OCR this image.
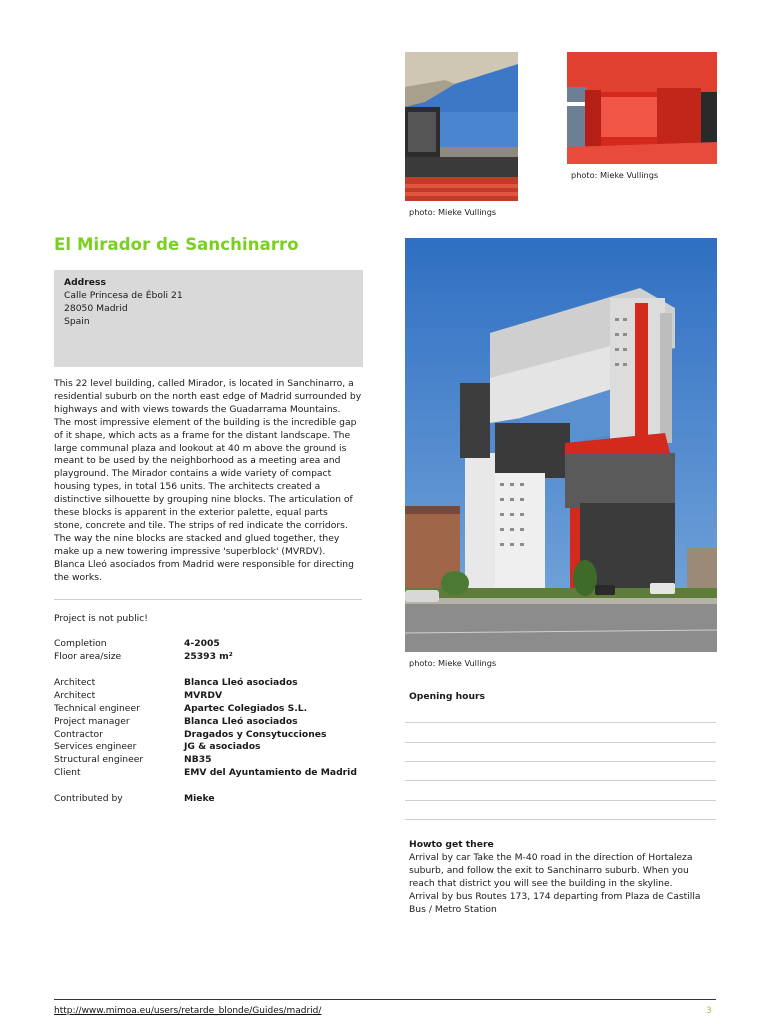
photo: Mieke Vullings
photo: Mieke Vullings
El Mirador de Sanchinarro
Address
Calle Princesa de Éboli 21
28050 Madrid
Spain

This 22 level building, called Mirador, is located in Sanchinarro, a

residential suburb on the north east edge of Madrid surrounded by

highways and with views towards the Guadarrama Mountains.

The most impressive element of the building is the incredible gap

of it shape, which acts as a frame for the distant landscape. The

large communal plaza and lookout at 40 m above the ground is

meant to be used by the neighborhood as a meeting area and

playground. The Mirador contains a wide variety of compact

housing types, in total 156 units. The architects created a

distinctive silhouette by grouping nine blocks. The articulation of

these blocks is apparent in the exterior palette, equal parts

stone, concrete and tile. The strips of red indicate the corridors.

The way the nine blocks are stacked and glued together, they

make up a new towering impressive 'superblock' (MVRDV).

Blanca Lleó asociados from Madrid were responsible for directing

the works.

Project is not public!
Completion	4-2005
Floor area/size	25393 m²
Architect	Blanca Lleó asociados
Architect	MVRDV
Technical engineer	Apartec Colegiados S.L.
Project manager	Blanca Lleó asociados
Contractor	Dragados y Consytucciones
Services engineer	JG & asociados
Structural engineer	NB35
Client	EMV del Ayuntamiento de Madrid
Contributed by	Mieke
photo: Mieke Vullings
Opening hours
Howto get there
Arrival by car Take the M-40 road in the direction of Hortaleza
suburb, and follow the exit to Sanchinarro suburb. When you
reach that district you will see the building in the skyline.
Arrival by bus Routes 173, 174 departing from Plaza de Castilla
Bus / Metro Station
http://www.mimoa.eu/users/retarde_blonde/Guides/madrid/	3
